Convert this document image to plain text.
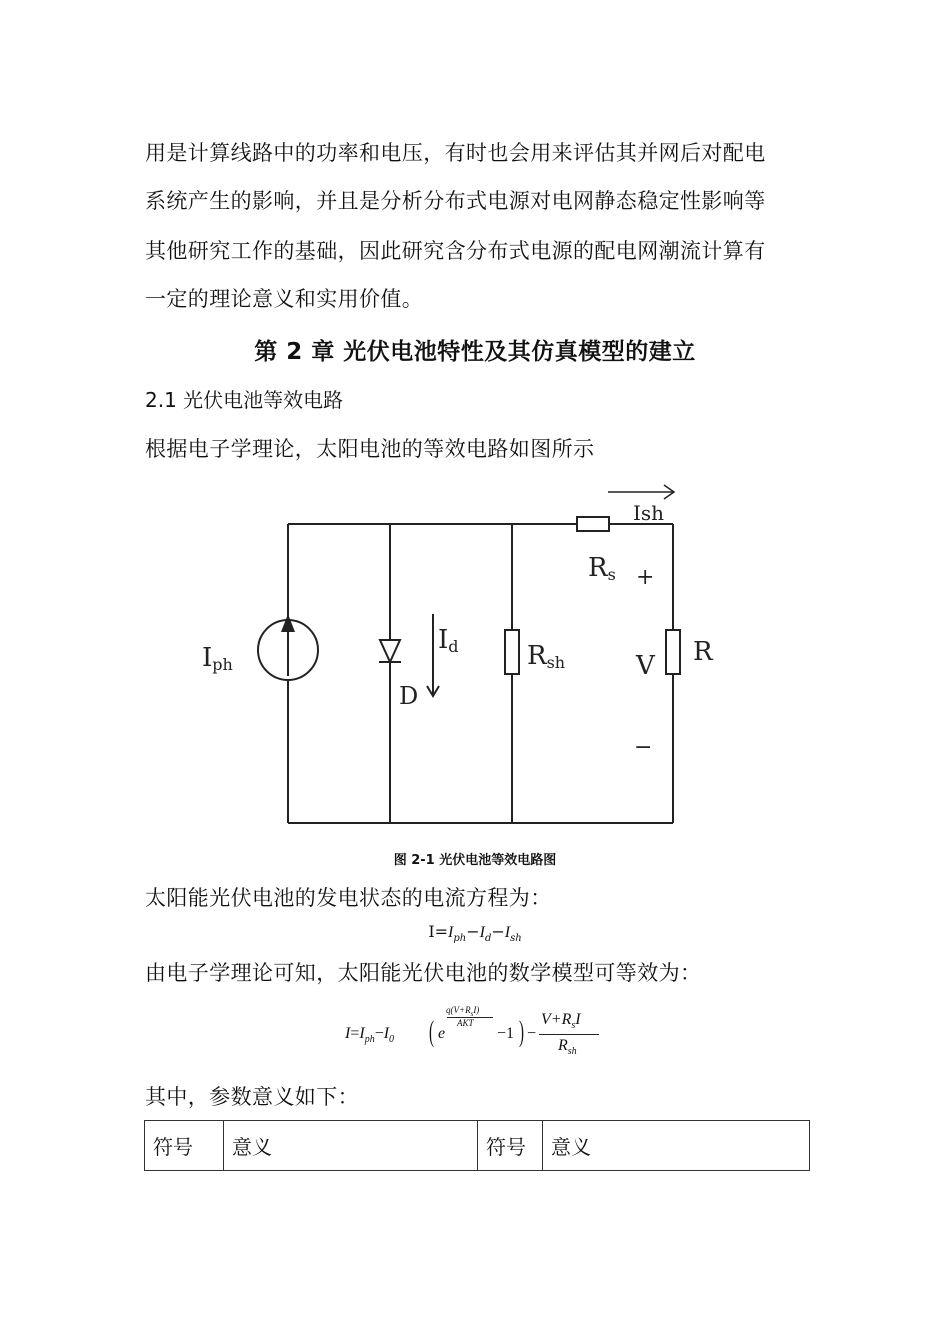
用是计算线路中的功率和电压，有时也会用来评估其并网后对配电
系统产生的影响，并且是分析分布式电源对电网静态稳定性影响等
其他研究工作的基础，因此研究含分布式电源的配电网潮流计算有
一定的理论意义和实用价值。
第 2 章 光伏电池特性及其仿真模型的建立
2.1 光伏电池等效电路
根据电子学理论，太阳电池的等效电路如图所示
Iph
Id
D
Rsh
Rs
Ish
+
V
−
R
图 2-1 光伏电池等效电路图
太阳能光伏电池的发电状态的电流方程为：
$I=I_{ph}-I_d-I_{sh}$
由电子学理论可知，太阳能光伏电池的数学模型可等效为：
$I=I_{ph}-I_0$ ( e
$q(V+R_sI)$
AKT
−1 ) −
$V+R_sI$
$R_{sh}$
其中，参数意义如下：
符号	意义	符号	意义
